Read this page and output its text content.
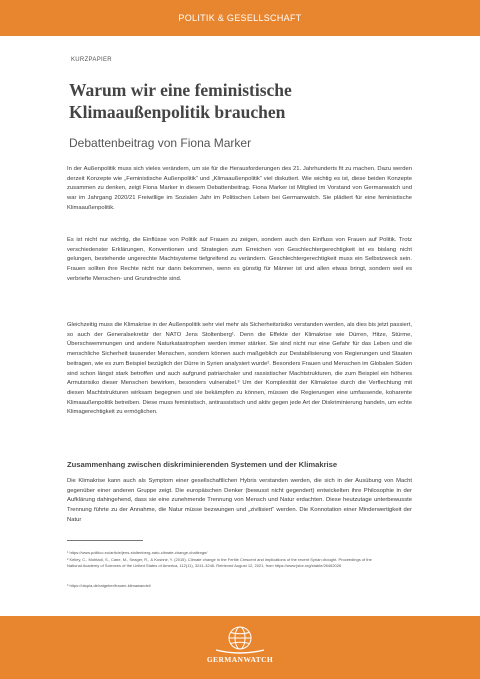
POLITIK & GESELLSCHAFT
KURZPAPIER
Warum wir eine feministische Klimaaußenpolitik brauchen
Debattenbeitrag von Fiona Marker
In der Außenpolitik muss sich vieles verändern, um sie für die Herausforderungen des 21. Jahrhunderts fit zu machen. Dazu werden derzeit Konzepte wie „Feministische Außenpolitik“ und „Klimaaußenpolitik“ viel diskutiert. Wie wichtig es ist, diese beiden Konzepte zusammen zu denken, zeigt Fiona Marker in diesem Debattenbeitrag. Fiona Marker ist Mitglied im Vorstand von Germanwatch und war im Jahrgang 2020/21 Freiwillige im Sozialen Jahr im Politischen Leben bei Germanwatch. Sie plädiert für eine feministische Klimaaußenpolitik.
Es ist nicht nur wichtig, die Einflüsse von Politik auf Frauen zu zeigen, sondern auch den Einfluss von Frauen auf Politik. Trotz verschiedenster Erklärungen, Konventionen und Strategien zum Erreichen von Geschlechtergerechtigkeit ist es bislang nicht gelungen, bestehende ungerechte Machtsysteme tiefgreifend zu verändern. Geschlechtergerechtigkeit muss ein Selbstzweck sein. Frauen sollten ihre Rechte nicht nur dann bekommen, wenn es günstig für Männer ist und allen etwas bringt, sondern weil es verbriefte Menschen- und Grundrechte sind.
Gleichzeitig muss die Klimakrise in der Außenpolitik sehr viel mehr als Sicherheitsrisiko verstanden werden, als dies bis jetzt passiert, so auch der Generalsekretär der NATO Jens Stoltenberg¹. Denn die Effekte der Klimakrise wie Dürren, Hitze, Stürme, Überschwemmungen und andere Naturkatastrophen werden immer stärker. Sie sind nicht nur eine Gefahr für das Leben und die menschliche Sicherheit tausender Menschen, sondern können auch maßgeblich zur Destabilisierung von Regierungen und Staaten beitragen, wie es zum Beispiel bezüglich der Dürre in Syrien analysiert wurde². Besonders Frauen und Menschen im Globalen Süden sind schon längst stark betroffen und auch aufgrund patriarchaler und rassistischer Machtstrukturen, die zum Beispiel ein höheres Armutsrisiko dieser Menschen bewirken, besonders vulnerabel.³ Um der Komplexität der Klimakrise durch die Verflechtung mit diesen Machtstrukturen wirksam begegnen und sie bekämpfen zu können, müssen die Regierungen eine umfassende, koharente Klimaaußenpolitik betreiben. Diese muss feministisch, antirassistisch und aktiv gegen jede Art der Diskriminierung handeln, um echte Klimagerechtigkeit zu ermöglichen.
Zusammenhang zwischen diskriminierenden Systemen und der Klimakrise
Die Klimakrise kann auch als Symptom einer gesellschaftlichen Hybris verstanden werden, die sich in der Ausübung von Macht gegenüber einer anderen Gruppe zeigt. Die europäischen Denker (bewusst nicht gegendert) entwickelten ihre Philosophie in der Aufklärung dahingehend, dass sie eine zunehmende Trennung von Mensch und Natur erdachten. Diese heutzutage unterbewusste Trennung führte zu der Annahme, die Natur müsse bezwungen und „zivilisiert“ werden. Die Konnotation einer Minderwertigkeit der Natur
¹ https://www.politico.eu/article/jens-stoltenberg-nato-climate-change-challenge/
² Kelley, C., Mohtadi, S., Cane, M., Seager, R., & Kushnir, Y. (2015). Climate change in the Fertile Crescent and implications of the recent Syrian drought. Proceedings of the National Academy of Sciences of the United States of America, 112(11), 3241-3246. Retrieved August 12, 2021, from https://www.jstor.org/stable/26462026
³ https://utopia.de/ratgeber/frauen-klimawandel/
GERMANWATCH
